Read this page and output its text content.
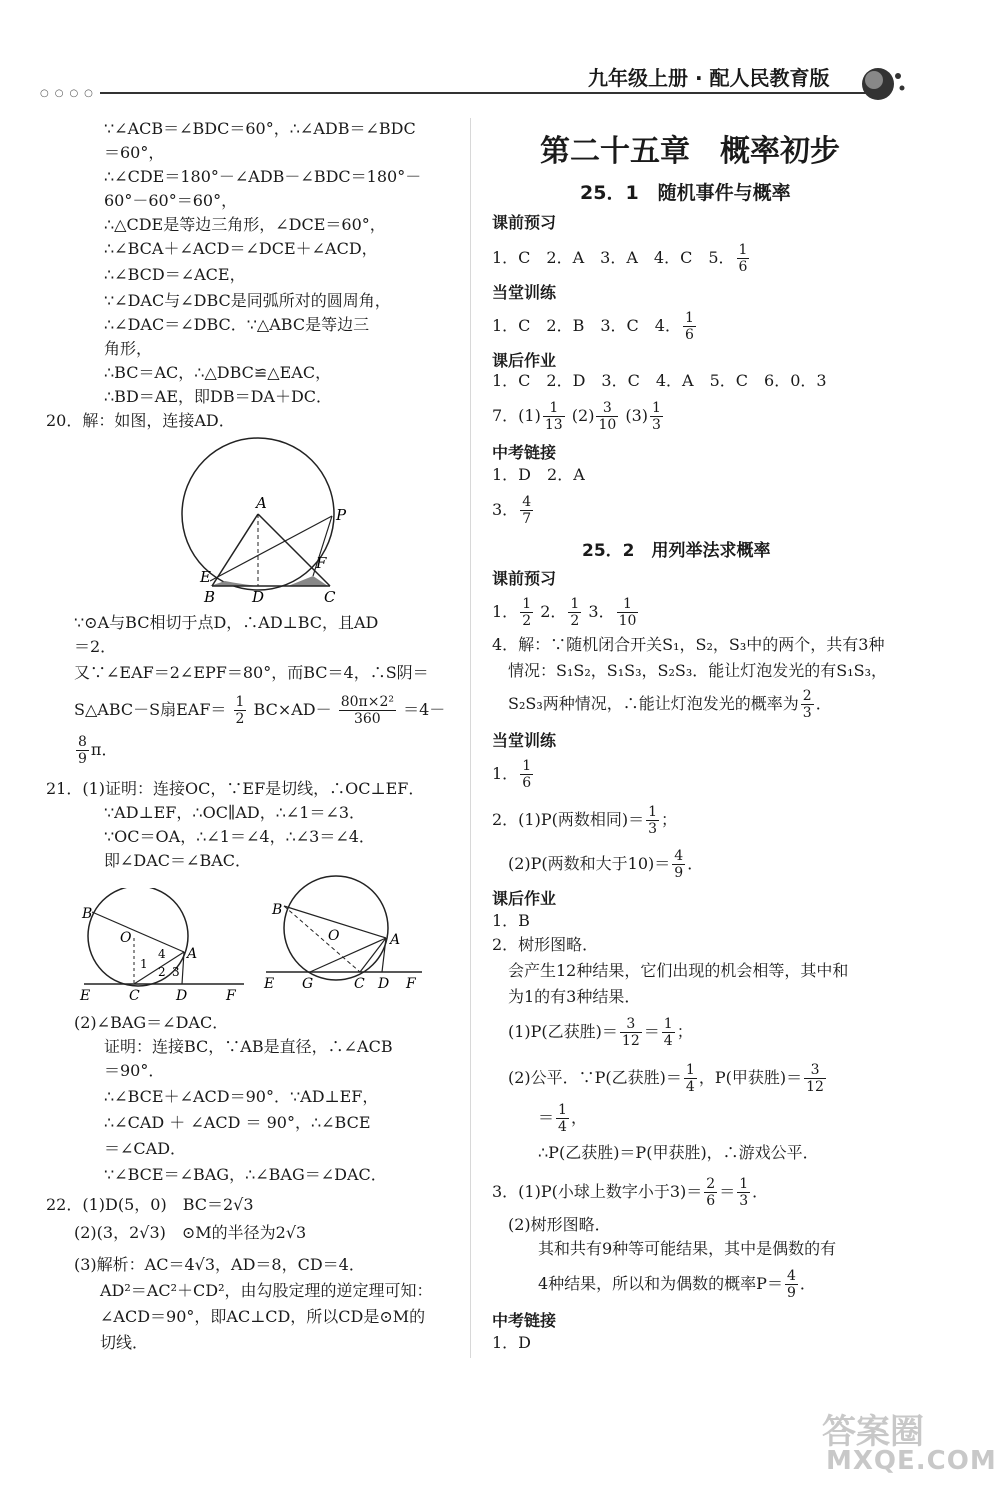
○○○○
九年级上册 · 配人民教育版
∵∠ACB＝∠BDC＝60°，∴∠ADB＝∠BDC
＝60°，
∴∠CDE＝180°－∠ADB－∠BDC＝180°－
60°－60°＝60°，
∴△CDE是等边三角形，∠DCE＝60°，
∴∠BCA＋∠ACD＝∠DCE＋∠ACD，
∴∠BCD＝∠ACE，
∵∠DAC与∠DBC是同弧所对的圆周角，
∴∠DAC＝∠DBC．∵△ABC是等边三
角形，
∴BC＝AC，∴△DBC≌△EAC，
∴BD＝AE，即DB＝DA＋DC．
20．解：如图，连接AD．
A
P
E
F
B D	C
∵⊙A与BC相切于点D，∴AD⊥BC，且AD
＝2．
又∵∠EAF＝2∠EPF＝80°，而BC＝4，∴S阴＝
S△ABC－S扇$EAF= \frac{1}{2} BC\times AD- \frac{\text{80π×2²}}{360} =4-$
$\frac{8}{9}$ π．
21．(1)证明：连接OC，∵EF是切线，∴OC⊥EF．
∵AD⊥EF，∴OC∥AD，∴∠1＝∠3．
∵OC＝OA，∴∠1＝∠4，∴∠3＝∠4．
即∠DAC＝∠BAC．
B
O
A
1
2 3
4
E	C	D	F
B
O	A
E G	C D F
(2)∠BAG＝∠DAC．
证明：连接BC，∵AB是直径，∴∠ACB
＝90°．
∴∠BCE＋∠ACD＝90°．∵AD⊥EF，
∴∠CAD ＋ ∠ACD ＝ 90°，∴∠BCE
＝∠CAD．
∵∠BCE＝∠BAG，∴∠BAG＝∠DAC．
22．(1)D(5，0)　BC＝2√3
(2)(3，2√3)　⊙M的半径为2√3
(3)解析：AC＝4√3，AD＝8，CD＝4．
AD²＝AC²＋CD²，由勾股定理的逆定理可知：
∠ACD＝90°，即AC⊥CD，所以CD是⊙M的
切线．
第二十五章　概率初步
25．1　随机事件与概率
课前预习
1．C　2．A　3．A　4．C　5． $\frac{1}{6}$
当堂训练
1．C　2．B　3．C　4． $\frac{1}{6}$
课后作业
1．C　2．D　3．C　4．A　5．C　6．0．3
7．$(1) \frac{1}{13} (2) \frac{3}{10} (3) \frac{1}{3}$
中考链接
1．D　2．A
3． $\frac{4}{7}$
25．2　用列举法求概率
课前预习
1． $\frac{1}{2} 2$． $\frac{1}{2} 3$． $\frac{1}{10}$
4．解：∵随机闭合开关S₁，S₂，S₃中的两个，共有3种
情况：S₁S₂，S₁S₃，S₂S₃．能让灯泡发光的有S₁S₃，
S₂S₃两种情况，∴能让灯泡发光的概率为 $\frac{2}{3}$ ．
当堂训练
1． $\frac{1}{6}$
2．(1)P(两数相同)＝ $\frac{1}{3}$ ；
(2)P(两数和大于$10)= \frac{4}{9}$ ．
课后作业
1．B
2．树形图略．
会产生12种结果，它们出现的机会相等，其中和
为1的有3种结果．
(1)P(乙获胜)＝ $\frac{3}{12} = \frac{1}{4}$ ；
(2)公平．∵P(乙获胜)＝ $\frac{1}{4}$ ，P(甲获胜)＝ $\frac{3}{12}$
＝ $\frac{1}{4}$ ，
∴P(乙获胜)＝P(甲获胜)，∴游戏公平．
3．(1)P(小球上数字小于$3)= \frac{2}{6} = \frac{1}{3}$ ．
(2)树形图略．
其和共有9种等可能结果，其中是偶数的有
4种结果，所以和为偶数的概率$P= \frac{4}{9}$ ．
中考链接
1．D
答案圈
MXQE.COM
